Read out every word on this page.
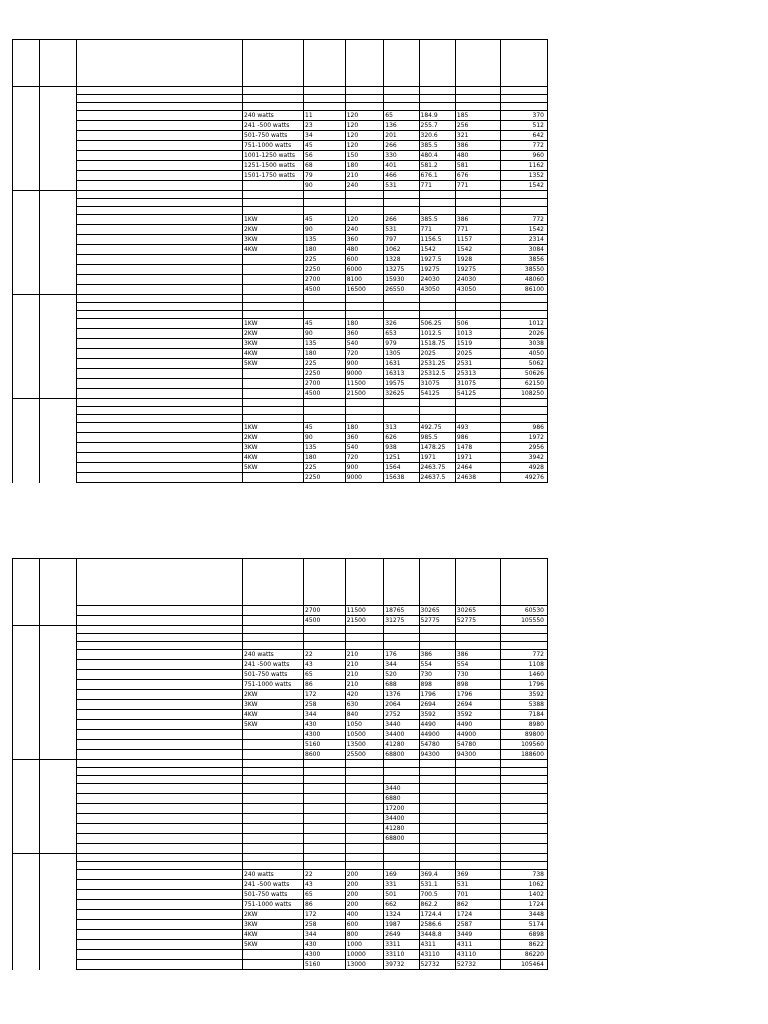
			240 watts	11	120	65	184.9	185	370
			241 -500 watts	23	120	136	255.7	256	512
			501-750 watts	34	120	201	320.6	321	642
			751-1000 watts	45	120	266	385.5	386	772
			1001-1250 watts	56	150	330	480.4	480	960
			1251-1500 watts	68	180	401	581.2	581	1162
			1501-1750 watts	79	210	466	676.1	676	1352
				90	240	531	771	771	1542

			1KW	45	120	266	385.5	386	772
			2KW	90	240	531	771	771	1542
			3KW	135	360	797	1156.5	1157	2314
			4KW	180	480	1062	1542	1542	3084
				225	600	1328	1927.5	1928	3856
				2250	6000	13275	19275	19275	38550
				2700	8100	15930	24030	24030	48060
				4500	16500	26550	43050	43050	86100

			1KW	45	180	326	506.25	506	1012
			2KW	90	360	653	1012.5	1013	2026
			3KW	135	540	979	1518.75	1519	3038
			4KW	180	720	1305	2025	2025	4050
			5KW	225	900	1631	2531.25	2531	5062
				2250	9000	16313	25312.5	25313	50626
				2700	11500	19575	31075	31075	62150
				4500	21500	32625	54125	54125	108250

			1KW	45	180	313	492.75	493	986
			2KW	90	360	626	985.5	986	1972
			3KW	135	540	938	1478.25	1478	2956
			4KW	180	720	1251	1971	1971	3942
			5KW	225	900	1564	2463.75	2464	4928
				2250	9000	15638	24637.5	24638	49276

				2700	11500	18765	30265	30265	60530
				4500	21500	31275	52775	52775	105550

			240 watts	22	210	176	386	386	772
			241 -500 watts	43	210	344	554	554	1108
			501-750 watts	65	210	520	730	730	1460
			751-1000 watts	86	210	688	898	898	1796
			2KW	172	420	1376	1796	1796	3592
			3KW	258	630	2064	2694	2694	5388
			4KW	344	840	2752	3592	3592	7184
			5KW	430	1050	3440	4490	4490	8980
				4300	10500	34400	44900	44900	89800
				5160	13500	41280	54780	54780	109560
				8600	25500	68800	94300	94300	188600

						3440			
						6880			
						17200			
						34400			
						41280			
						68800			

			240 watts	22	200	169	369.4	369	738
			241 -500 watts	43	200	331	531.1	531	1062
			501-750 watts	65	200	501	700.5	701	1402
			751-1000 watts	86	200	662	862.2	862	1724
			2KW	172	400	1324	1724.4	1724	3448
			3KW	258	600	1987	2586.6	2587	5174
			4KW	344	800	2649	3448.8	3449	6898
			5KW	430	1000	3311	4311	4311	8622
				4300	10000	33110	43110	43110	86220
				5160	13000	39732	52732	52732	105464
